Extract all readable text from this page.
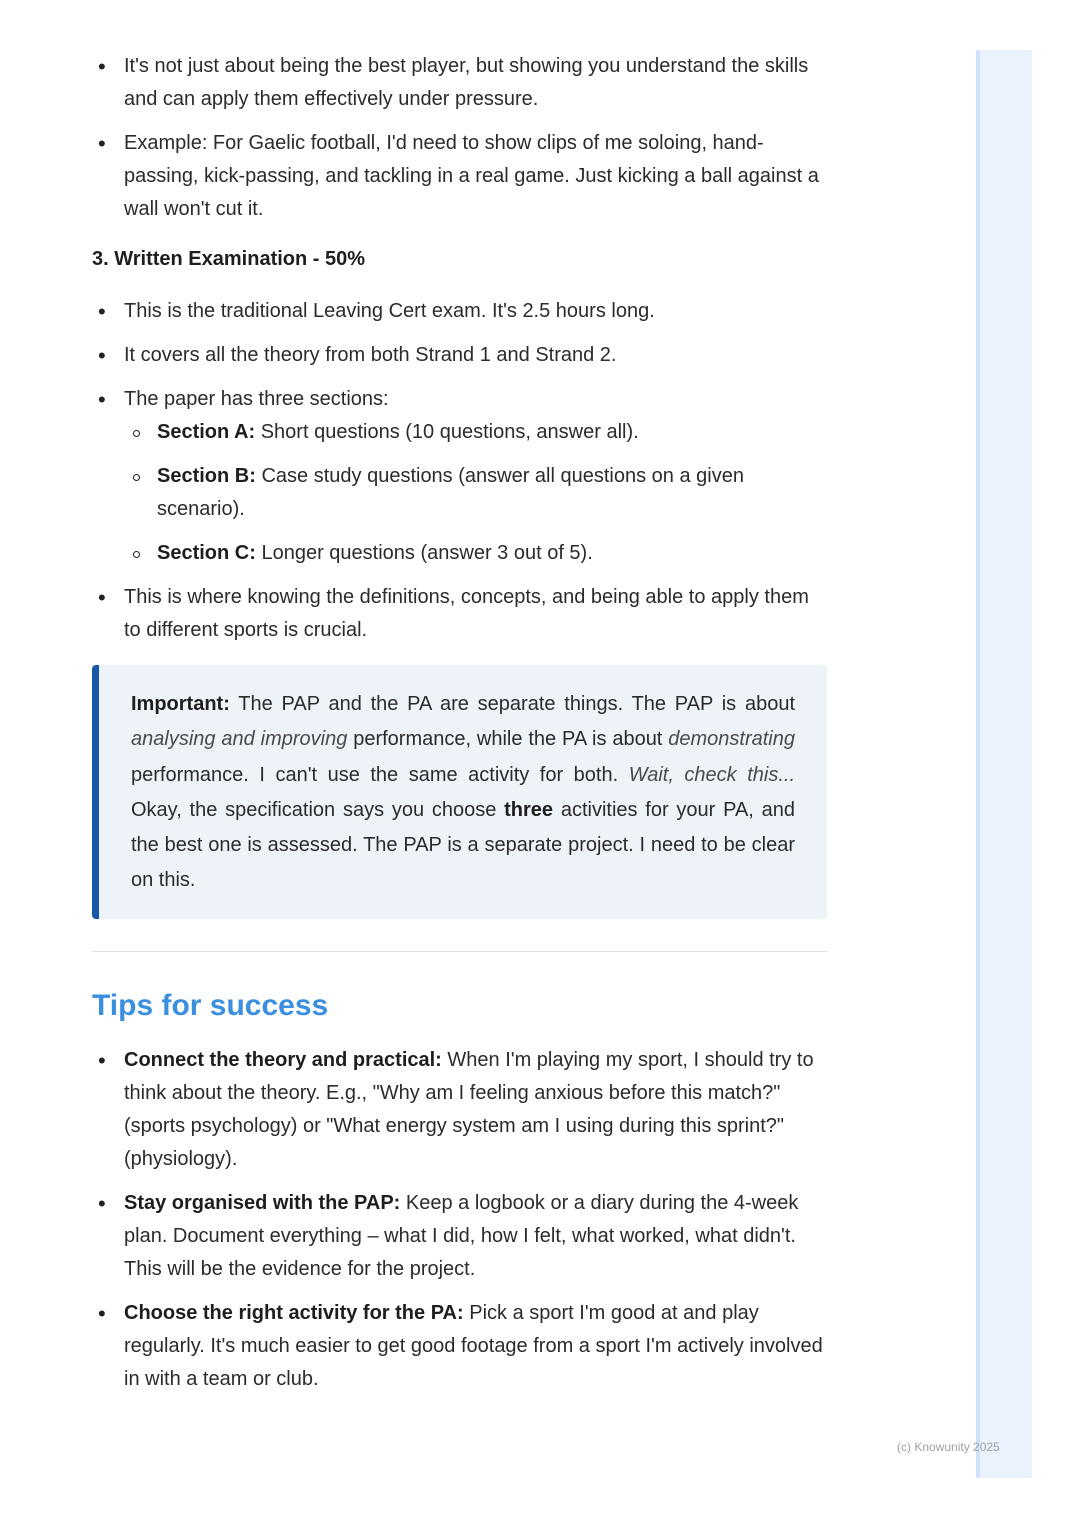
• It's not just about being the best player, but showing you understand the skills and can apply them effectively under pressure.
• Example: For Gaelic football, I'd need to show clips of me soloing, hand-passing, kick-passing, and tackling in a real game. Just kicking a ball against a wall won't cut it.
3. Written Examination - 50%
• This is the traditional Leaving Cert exam. It's 2.5 hours long.
• It covers all the theory from both Strand 1 and Strand 2.
• The paper has three sections:
Section A: Short questions (10 questions, answer all).
Section B: Case study questions (answer all questions on a given scenario).
Section C: Longer questions (answer 3 out of 5).
• This is where knowing the definitions, concepts, and being able to apply them to different sports is crucial.
Important: The PAP and the PA are separate things. The PAP is about analysing and improving performance, while the PA is about demonstrating performance. I can't use the same activity for both. Wait, check this... Okay, the specification says you choose three activities for your PA, and the best one is assessed. The PAP is a separate project. I need to be clear on this.
Tips for success
• Connect the theory and practical: When I'm playing my sport, I should try to think about the theory. E.g., "Why am I feeling anxious before this match?" (sports psychology) or "What energy system am I using during this sprint?" (physiology).
• Stay organised with the PAP: Keep a logbook or a diary during the 4-week plan. Document everything – what I did, how I felt, what worked, what didn't. This will be the evidence for the project.
• Choose the right activity for the PA: Pick a sport I'm good at and play regularly. It's much easier to get good footage from a sport I'm actively involved in with a team or club.
(c) Knowunity 2025
